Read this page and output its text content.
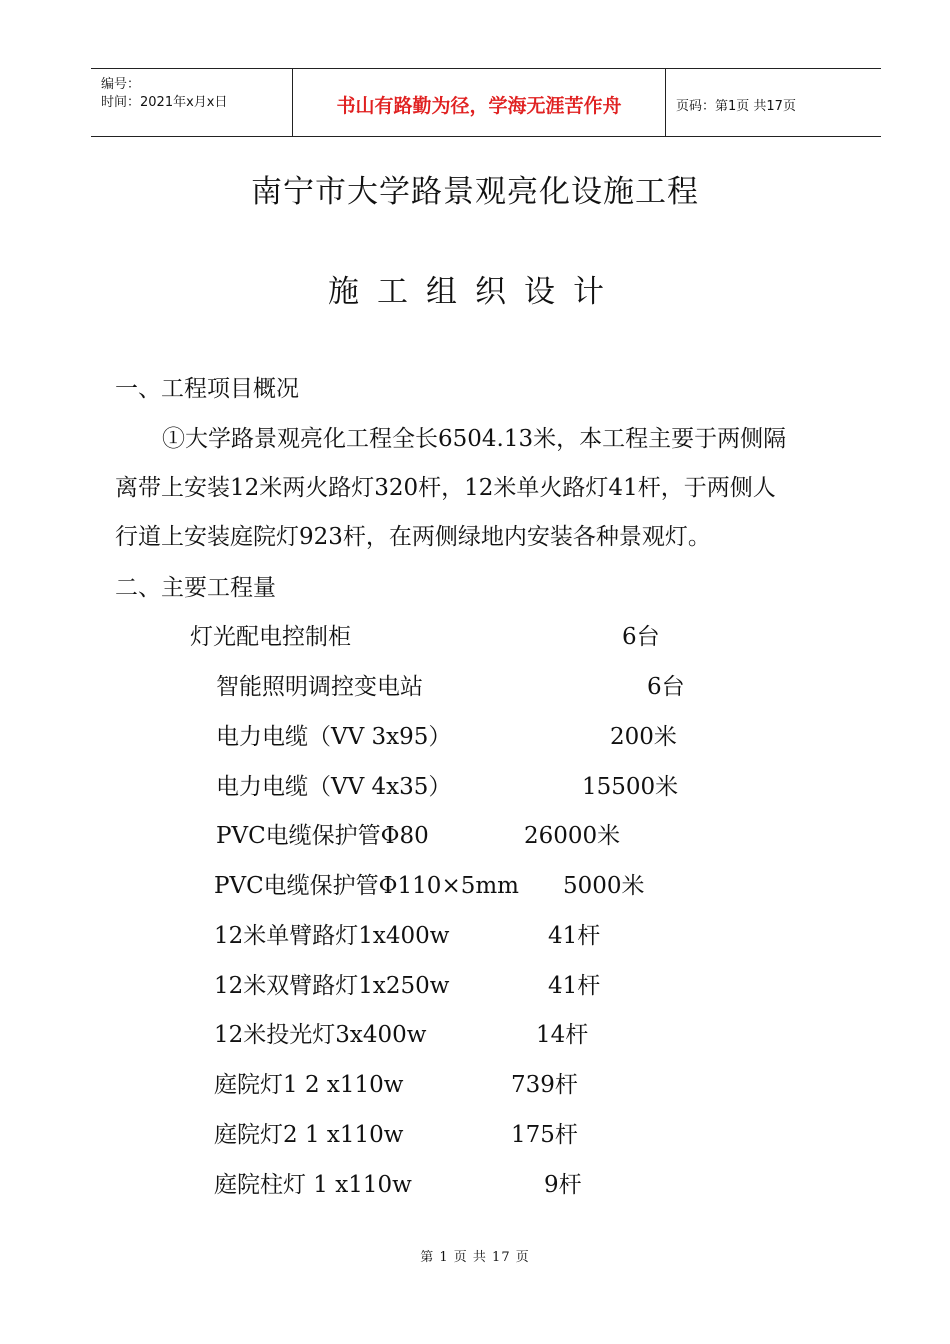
编号：
时间：2021年x月x日	书山有路勤为径，学海无涯苦作舟	页码：第1页 共17页
南宁市大学路景观亮化设施工程
施工组织设计
一、工程项目概况
①大学路景观亮化工程全长6504.13米，本工程主要于两侧隔
离带上安装12米两火路灯320杆，12米单火路灯41杆，于两侧人
行道上安装庭院灯923杆，在两侧绿地内安装各种景观灯。
二、主要工程量
灯光配电控制柜	6台
智能照明调控变电站	6台
电力电缆（VV 3x95）	200米
电力电缆（VV 4x35）	15500米
PVC电缆保护管Φ80	26000米
PVC电缆保护管Φ110×5mm 5000米
12米单臂路灯1x400w	41杆
12米双臂路灯1x250w	41杆
12米投光灯3x400w	14杆
庭院灯1 2 x110w	739杆
庭院灯2 1 x110w	175杆
庭院柱灯 1 x110w	9杆
第 1 页 共 17 页
